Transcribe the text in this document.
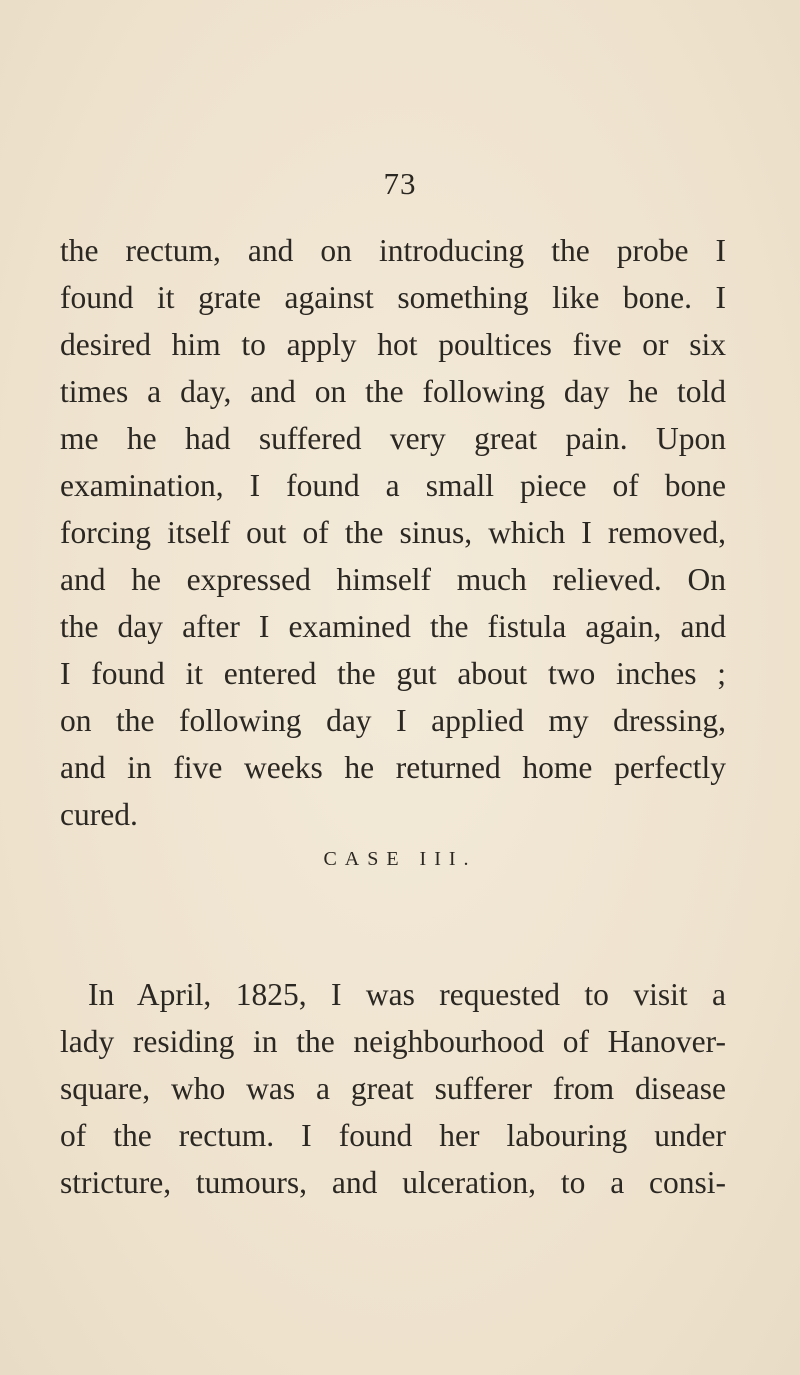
73
the rectum, and on introducing the probe I
found it grate against something like bone. I
desired him to apply hot poultices five or six
times a day, and on the following day he told
me he had suffered very great pain. Upon
examination, I found a small piece of bone
forcing itself out of the sinus, which I removed,
and he expressed himself much relieved. On
the day after I examined the fistula again, and
I found it entered the gut about two inches ;
on the following day I applied my dressing,
and in five weeks he returned home perfectly
cured.
CASE III.
In April, 1825, I was requested to visit a
lady residing in the neighbourhood of Hanover-
square, who was a great sufferer from disease
of the rectum. I found her labouring under
stricture, tumours, and ulceration, to a consi-
